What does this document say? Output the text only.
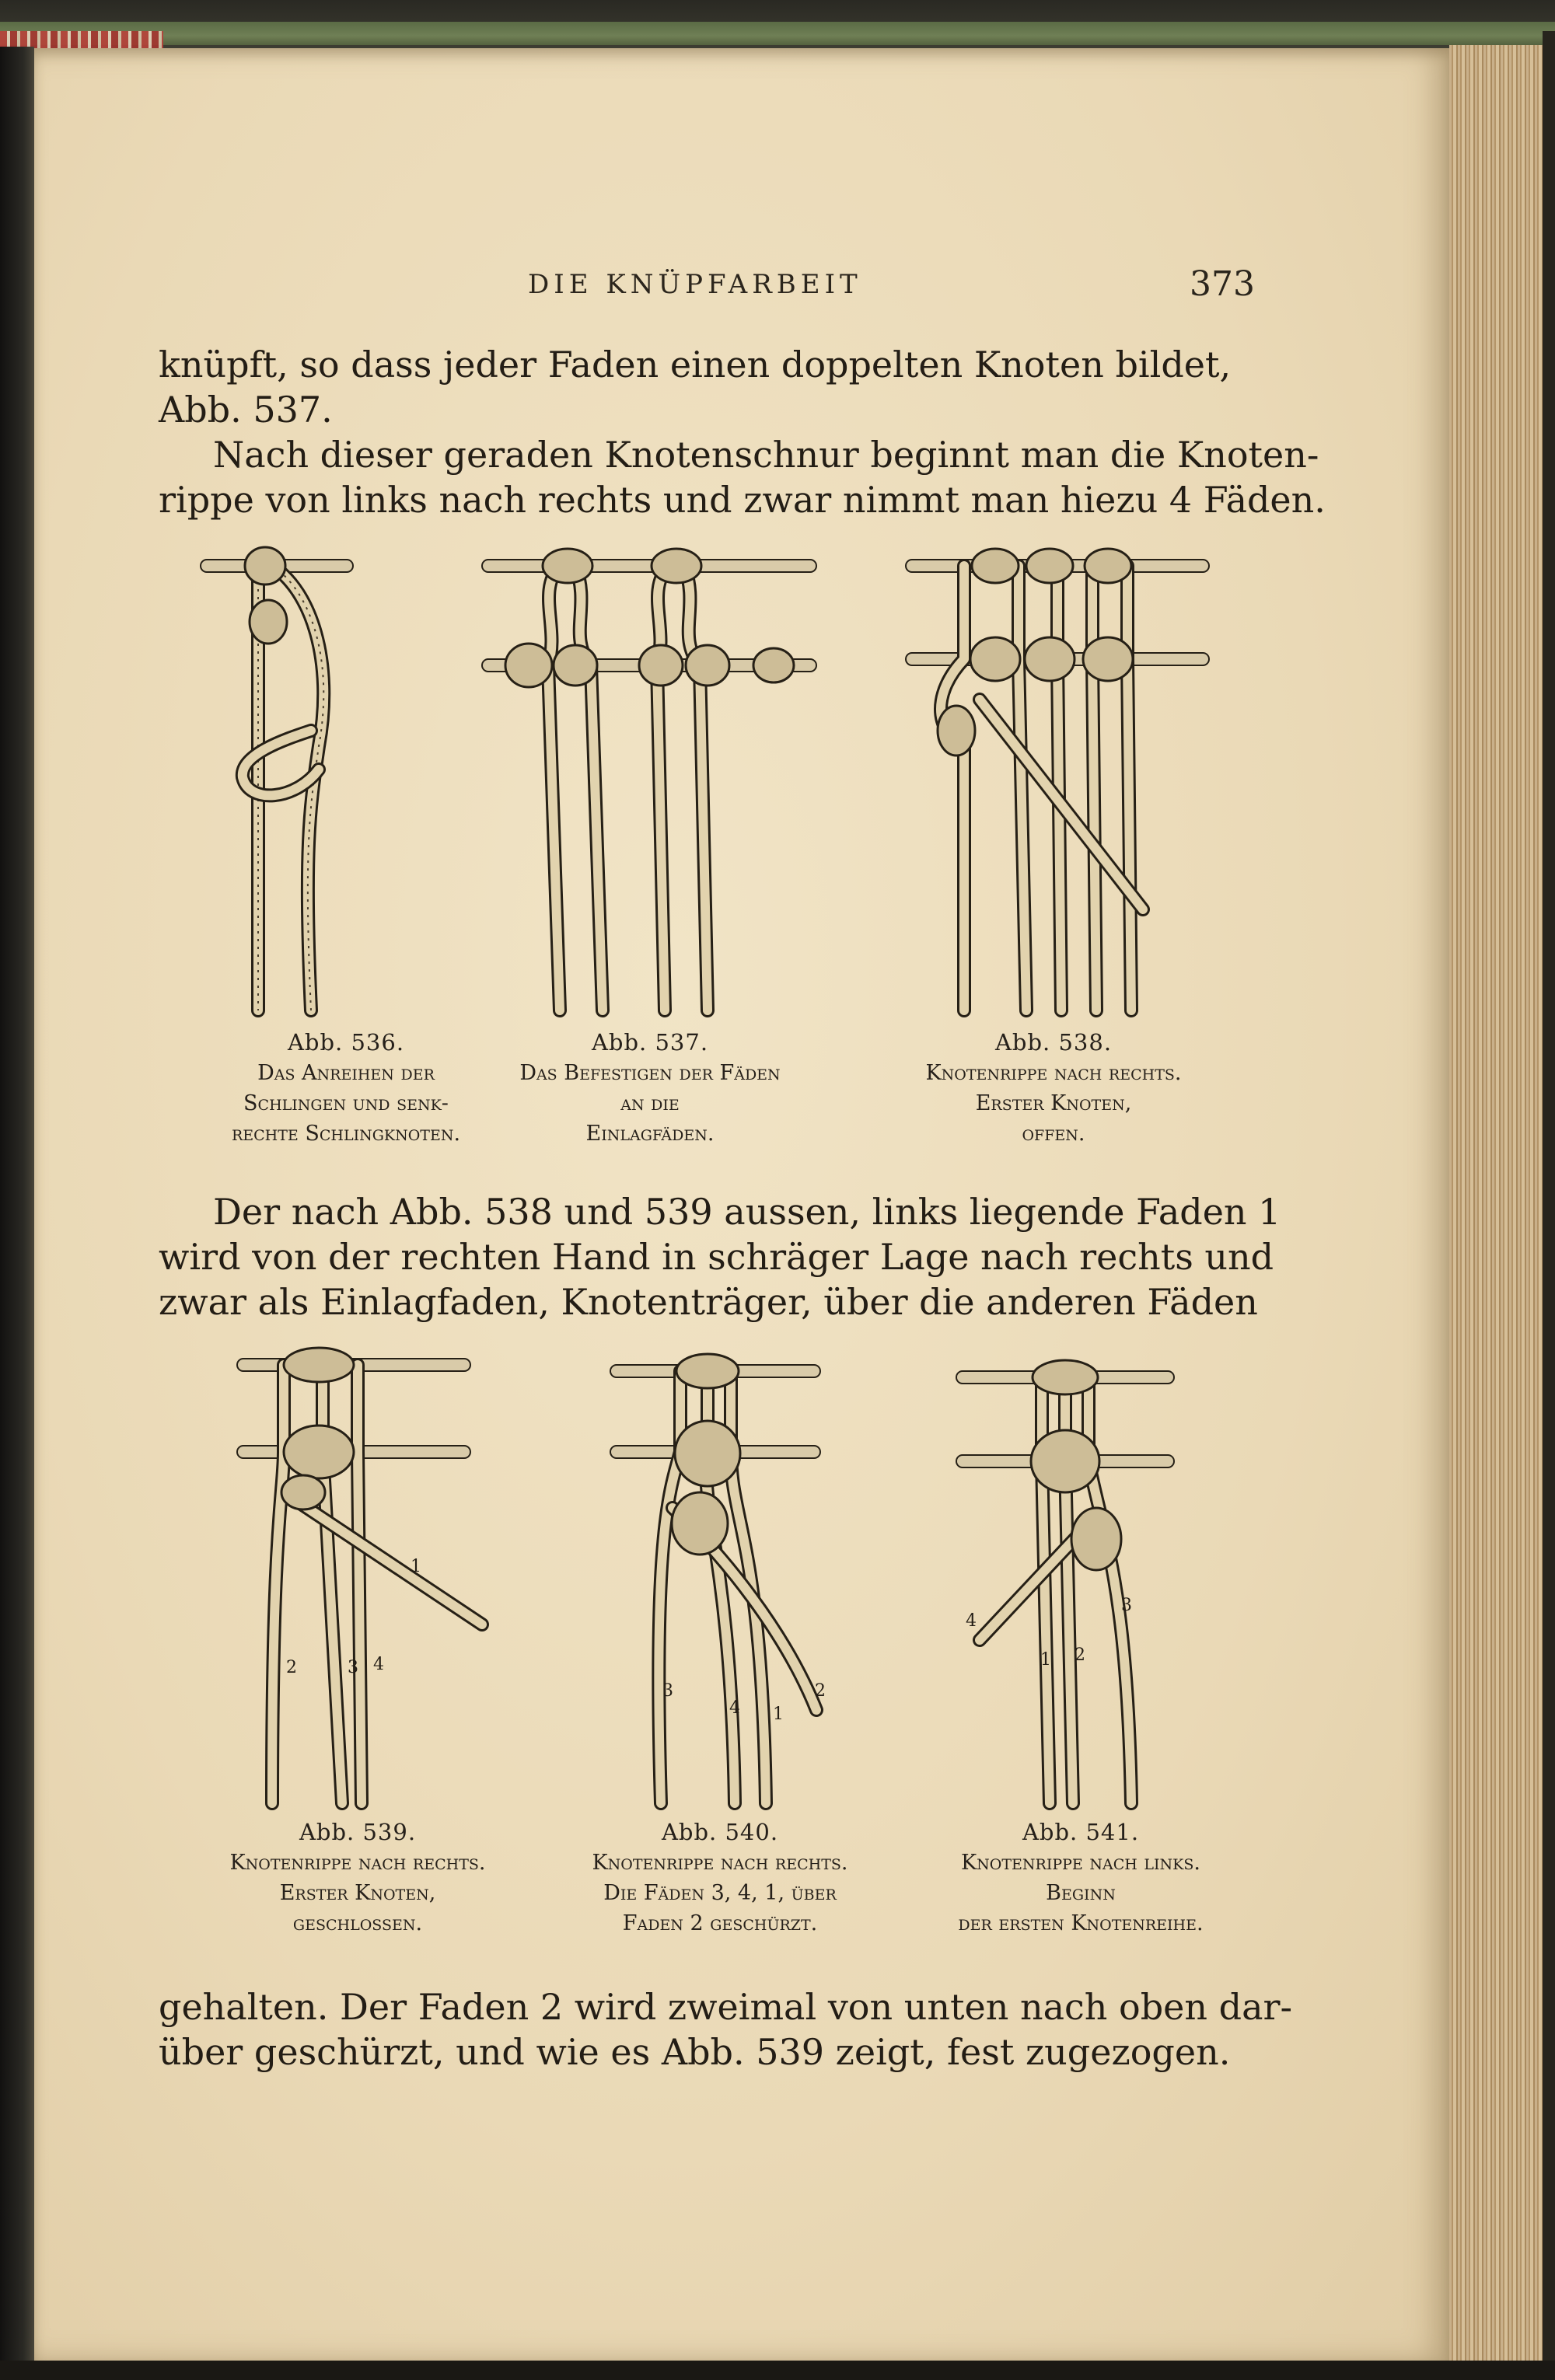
DIE KNÜPFARBEIT	373
knüpft, so dass jeder Faden einen doppelten Knoten bildet,
Abb. 537.
Nach dieser geraden Knotenschnur beginnt man die Knoten-
rippe von links nach rechts und zwar nimmt man hiezu 4 Fäden.
Abb. 536.
Das Anreihen der
Schlingen und senk-
rechte Schlingknoten.
Abb. 537.
Das Befestigen der Fäden
an die
Einlagfäden.
Abb. 538.
Knotenrippe nach rechts.
Erster Knoten,
offen.
Der nach Abb. 538 und 539 aussen, links liegende Faden 1
wird von der rechten Hand in schräger Lage nach rechts und
zwar als Einlagfaden, Knotenträger, über die anderen Fäden
1
2	3 4
3
4 1
2
4
1 2
3
Abb. 539.
Knotenrippe nach rechts.
Erster Knoten,
geschlossen.
Abb. 540.
Knotenrippe nach rechts.
Die Fäden 3, 4, 1, über
Faden 2 geschürzt.
Abb. 541.
Knotenrippe nach links.
Beginn
der ersten Knotenreihe.
gehalten. Der Faden 2 wird zweimal von unten nach oben dar-
über geschürzt, und wie es Abb. 539 zeigt, fest zugezogen.
